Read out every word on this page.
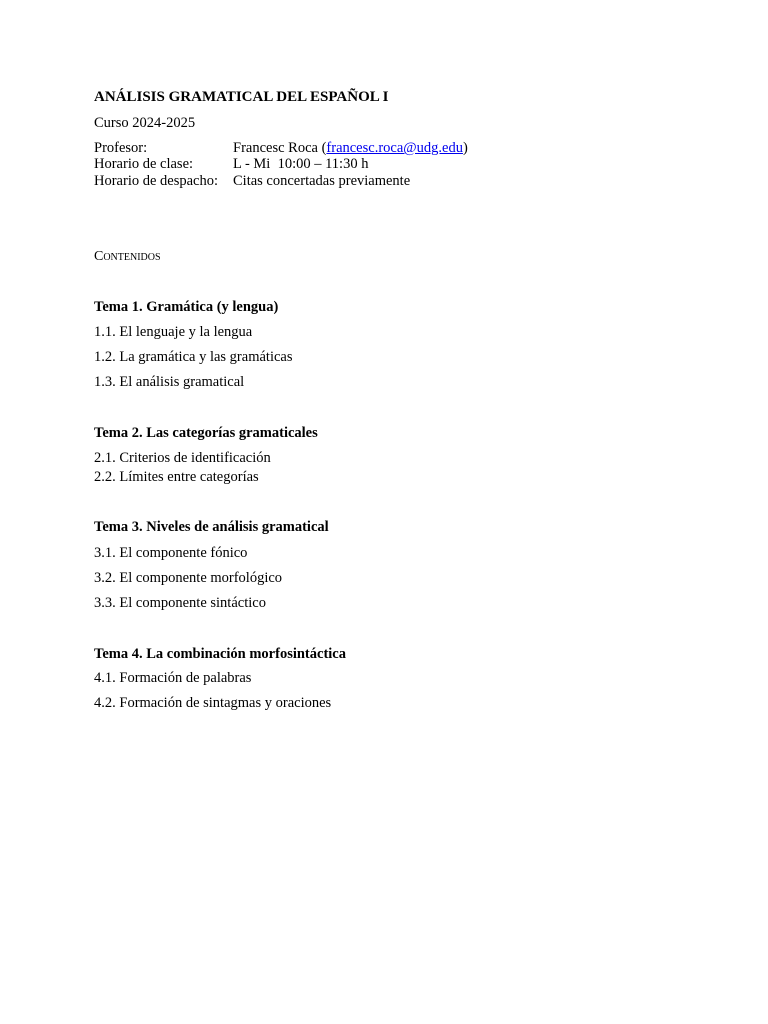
ANÁLISIS GRAMATICAL DEL ESPAÑOL I
Curso 2024-2025
Profesor:	Francesc Roca (francesc.roca@udg.edu)
Horario de clase:	L - Mi  10:00 – 11:30 h
Horario de despacho: Citas concertadas previamente
Contenidos
Tema 1. Gramática (y lengua)
1.1. El lenguaje y la lengua
1.2. La gramática y las gramáticas
1.3. El análisis gramatical
Tema 2. Las categorías gramaticales
2.1. Criterios de identificación
2.2. Límites entre categorías
Tema 3. Niveles de análisis gramatical
3.1. El componente fónico
3.2. El componente morfológico
3.3. El componente sintáctico
Tema 4. La combinación morfosintáctica
4.1. Formación de palabras
4.2. Formación de sintagmas y oraciones
